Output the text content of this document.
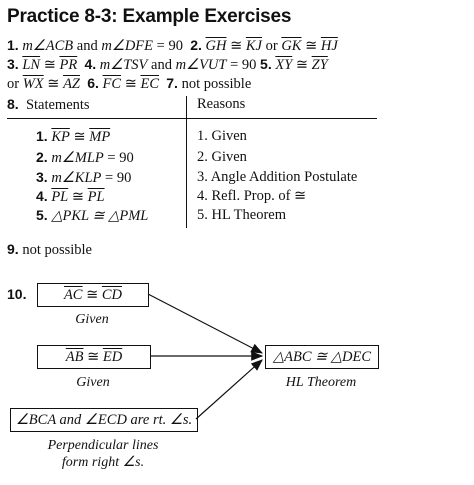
Practice 8-3: Example Exercises
1. m∠ACB and m∠DFE = 90 2. $\overline{GH}$ ≅ $\overline{KJ}$ or $\overline{GK}$ ≅ $\overline{HJ}$
3. $\overline{LN}$ ≅ $\overline{PR}$ 4. m∠TSV and m∠VUT = 90 5. $\overline{XY}$ ≅ $\overline{ZY}$
or $\overline{WX}$ ≅ $\overline{AZ}$ 6. $\overline{FC}$ ≅ $\overline{EC}$ 7. not possible
8. Statements	Reasons
1. $\overline{KP}$ ≅ $\overline{MP}$	1. Given
2. m∠MLP = 90	2. Given
3. m∠KLP = 90	3. Angle Addition Postulate
4. $\overline{PL}$ ≅ $\overline{PL}$	4. Refl. Prop. of ≅
5. △PKL ≅ △PML	5. HL Theorem
9. not possible
10.	$\overline{AC}$ ≅ $\overline{CD}$
Given
$\overline{AB}$ ≅ $\overline{ED}$
Given
∠BCA and ∠ECD are rt. ∠s.
Perpendicular lines
form right ∠s.
△ABC ≅ △DEC
HL Theorem
